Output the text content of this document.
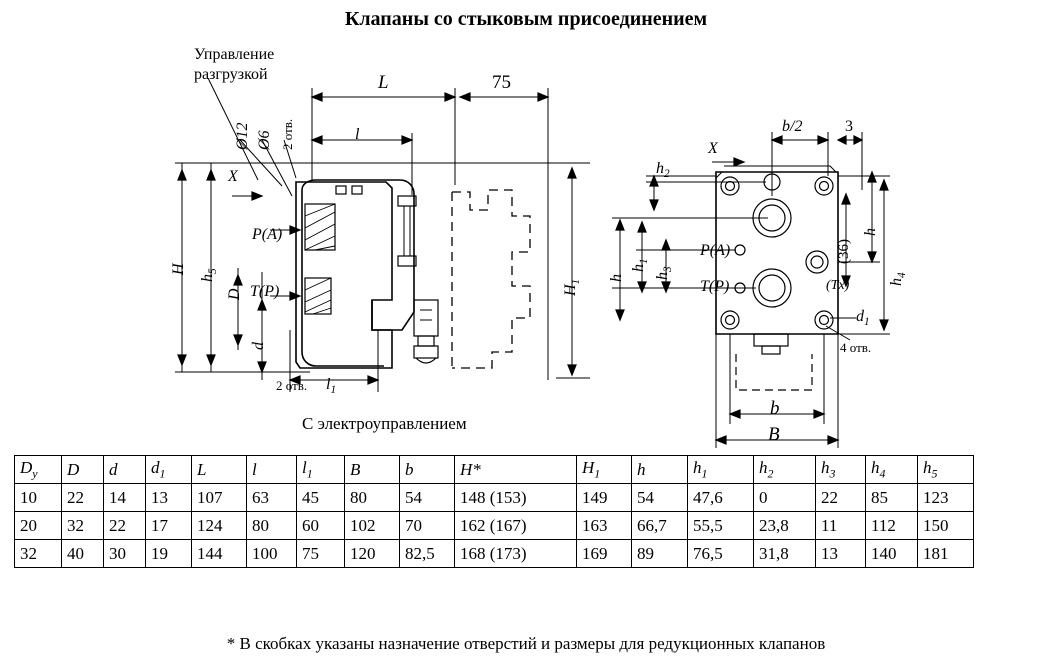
Клапаны со стыковым присоединением
Управление
разгрузкой
Ø12 Ø6 2 отв.
X
P(A)
T(P)
H
$h_5$
D
d
2 отв. $l_1$
l
L	75
$H_1$
С электроуправлением
b/2	3
X
$h_2$
h
$h_1$
$h_3$
(36)
h
$h_4$
P(A)
T(P)	(Tx)
$d_1$
4 отв.
b
B
$D_y$	D	d	$d_1$	L	l	$l_1$	B	b	H*	$H_1$	h	$h_1$	$h_2$	$h_3$	$h_4$	$h_5$
10	22	14	13	107	63	45	80	54	148 (153)	149	54	47,6	0	22	85	123
20	32	22	17	124	80	60	102	70	162 (167)	163	66,7	55,5	23,8	11	112	150
32	40	30	19	144	100	75	120	82,5	168 (173)	169	89	76,5	31,8	13	140	181
* В скобках указаны назначение отверстий и размеры для редукционных клапанов
